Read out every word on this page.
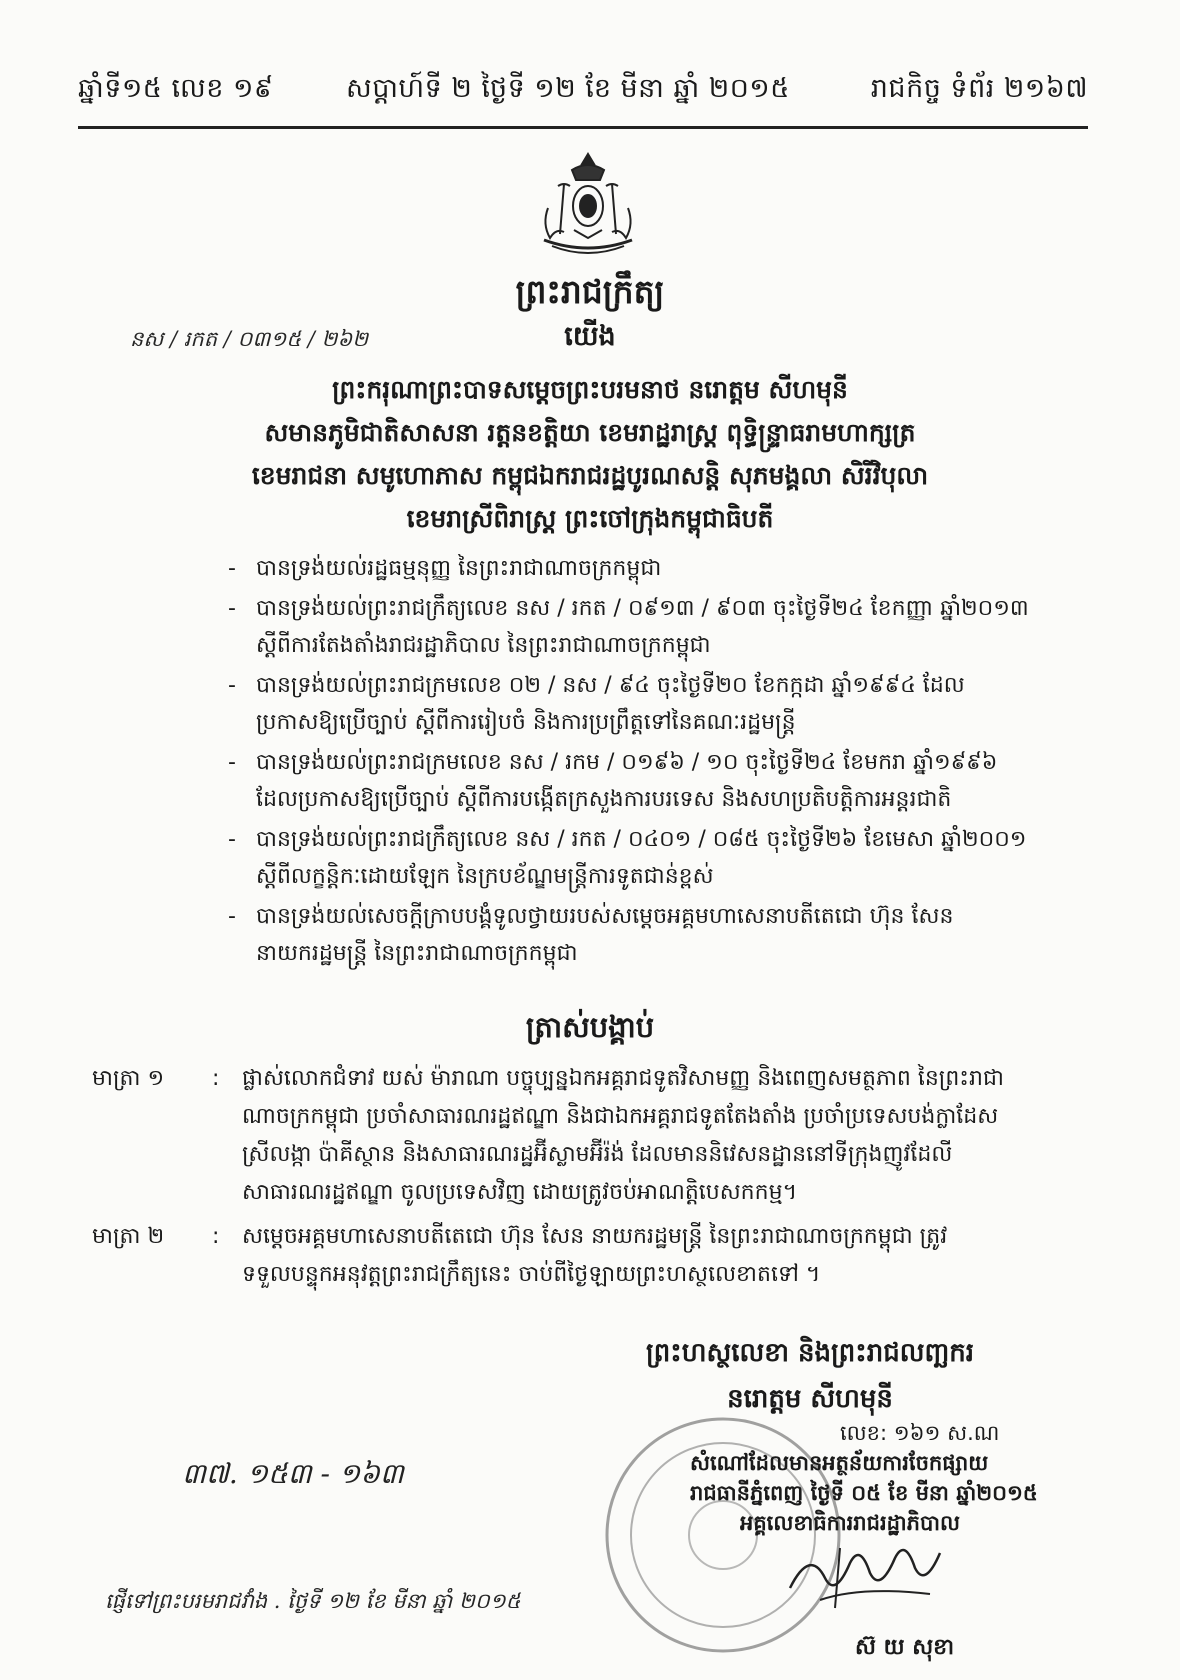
ឆ្នាំទី១៥ លេខ ១៩	សប្តាហ៍ទី ២ ថ្ងៃទី ១២ ខែ មីនា ឆ្នាំ ២០១៥	រាជកិច្ច ទំព័រ ២១៦៧
ព្រះរាជក្រឹត្យ
នស / រកត / ០៣១៥ / ២៦២	យើង
ព្រះករុណាព្រះបាទសម្តេចព្រះបរមនាថ នរោត្តម សីហមុនី
សមានភូមិជាតិសាសនា រត្តនខត្តិយា ខេមរាដ្ឋរាស្ត្រ ពុទ្ធិន្ទ្រាធរាមហាក្សត្រ
ខេមរាជនា សមូហោភាស កម្ពុជឯករាជរដ្ឋបូរណសន្តិ សុភមង្គលា សិរីវិបុលា
ខេមរាស្រីពិរាស្ត្រ ព្រះចៅក្រុងកម្ពុជាធិបតី
- បានទ្រង់យល់រដ្ឋធម្មនុញ្ញ នៃព្រះរាជាណាចក្រកម្ពុជា
- បានទ្រង់យល់ព្រះរាជក្រឹត្យលេខ នស / រកត / ០៩១៣ / ៩០៣ ចុះថ្ងៃទី២៤ ខែកញ្ញា ឆ្នាំ២០១៣
ស្តីពីការតែងតាំងរាជរដ្ឋាភិបាល នៃព្រះរាជាណាចក្រកម្ពុជា
- បានទ្រង់យល់ព្រះរាជក្រមលេខ ០២ / នស / ៩៤ ចុះថ្ងៃទី២០ ខែកក្កដា ឆ្នាំ១៩៩៤ ដែល
ប្រកាសឱ្យប្រើច្បាប់ ស្តីពីការរៀបចំ និងការប្រព្រឹត្តទៅនៃគណៈរដ្ឋមន្ត្រី
- បានទ្រង់យល់ព្រះរាជក្រមលេខ នស / រកម / ០១៩៦ / ១០ ចុះថ្ងៃទី២៤ ខែមករា ឆ្នាំ១៩៩៦
ដែលប្រកាសឱ្យប្រើច្បាប់ ស្តីពីការបង្កើតក្រសួងការបរទេស និងសហប្រតិបត្តិការអន្តរជាតិ
- បានទ្រង់យល់ព្រះរាជក្រឹត្យលេខ នស / រកត / ០៤០១ / ០៨៥ ចុះថ្ងៃទី២៦ ខែមេសា ឆ្នាំ២០០១
ស្តីពីលក្ខន្តិកៈដោយឡែក នៃក្របខ័ណ្ឌមន្ត្រីការទូតជាន់ខ្ពស់
- បានទ្រង់យល់សេចក្តីក្រាបបង្គំទូលថ្វាយរបស់សម្តេចអគ្គមហាសេនាបតីតេជោ ហ៊ុន សែន
នាយករដ្ឋមន្ត្រី នៃព្រះរាជាណាចក្រកម្ពុជា
ត្រាស់បង្គាប់
មាត្រា ១	: ផ្លាស់លោកជំទាវ យស់ ម៉ារាណា បច្ចុប្បន្នឯកអគ្គរាជទូតវិសាមញ្ញ និងពេញសមត្ថភាព នៃព្រះរាជា
ណាចក្រកម្ពុជា ប្រចាំសាធារណរដ្ឋឥណ្ឌា និងជាឯកអគ្គរាជទូតតែងតាំង ប្រចាំប្រទេសបង់ក្លាដែស
ស្រីលង្កា ប៉ាគីស្ថាន និងសាធារណរដ្ឋអ៊ីស្លាមអ៊ីរ៉ង់ ដែលមាននិវេសនដ្ឋាននៅទីក្រុងញូវដែលី
សាធារណរដ្ឋឥណ្ឌា ចូលប្រទេសវិញ ដោយត្រូវចប់អាណត្តិបេសកកម្ម។
មាត្រា ២	: សម្តេចអគ្គមហាសេនាបតីតេជោ ហ៊ុន សែន នាយករដ្ឋមន្ត្រី នៃព្រះរាជាណាចក្រកម្ពុជា ត្រូវ
ទទួលបន្ទុកអនុវត្តព្រះរាជក្រឹត្យនេះ ចាប់ពីថ្ងៃឡាយព្រះហស្ថលេខាតទៅ ។
ព្រះហស្ថលេខា និងព្រះរាជលញ្ឆករ
នរោត្តម សីហមុនី
៣៧. ១៥៣ - ១៦៣
លេខ: ១៦១ ស.ណ
សំណៅដែលមានអត្ថន័យការចែកផ្សាយ
រាជធានីភ្នំពេញ ថ្ងៃទី ០៥ ខែ មីនា ឆ្នាំ២០១៥
អគ្គលេខាធិការរាជរដ្ឋាភិបាល
ស៊ យ សុខា
ផ្ញើទៅព្រះបរមរាជវាំង . ថ្ងៃទី ១២ ខែ មីនា ឆ្នាំ ២០១៥
